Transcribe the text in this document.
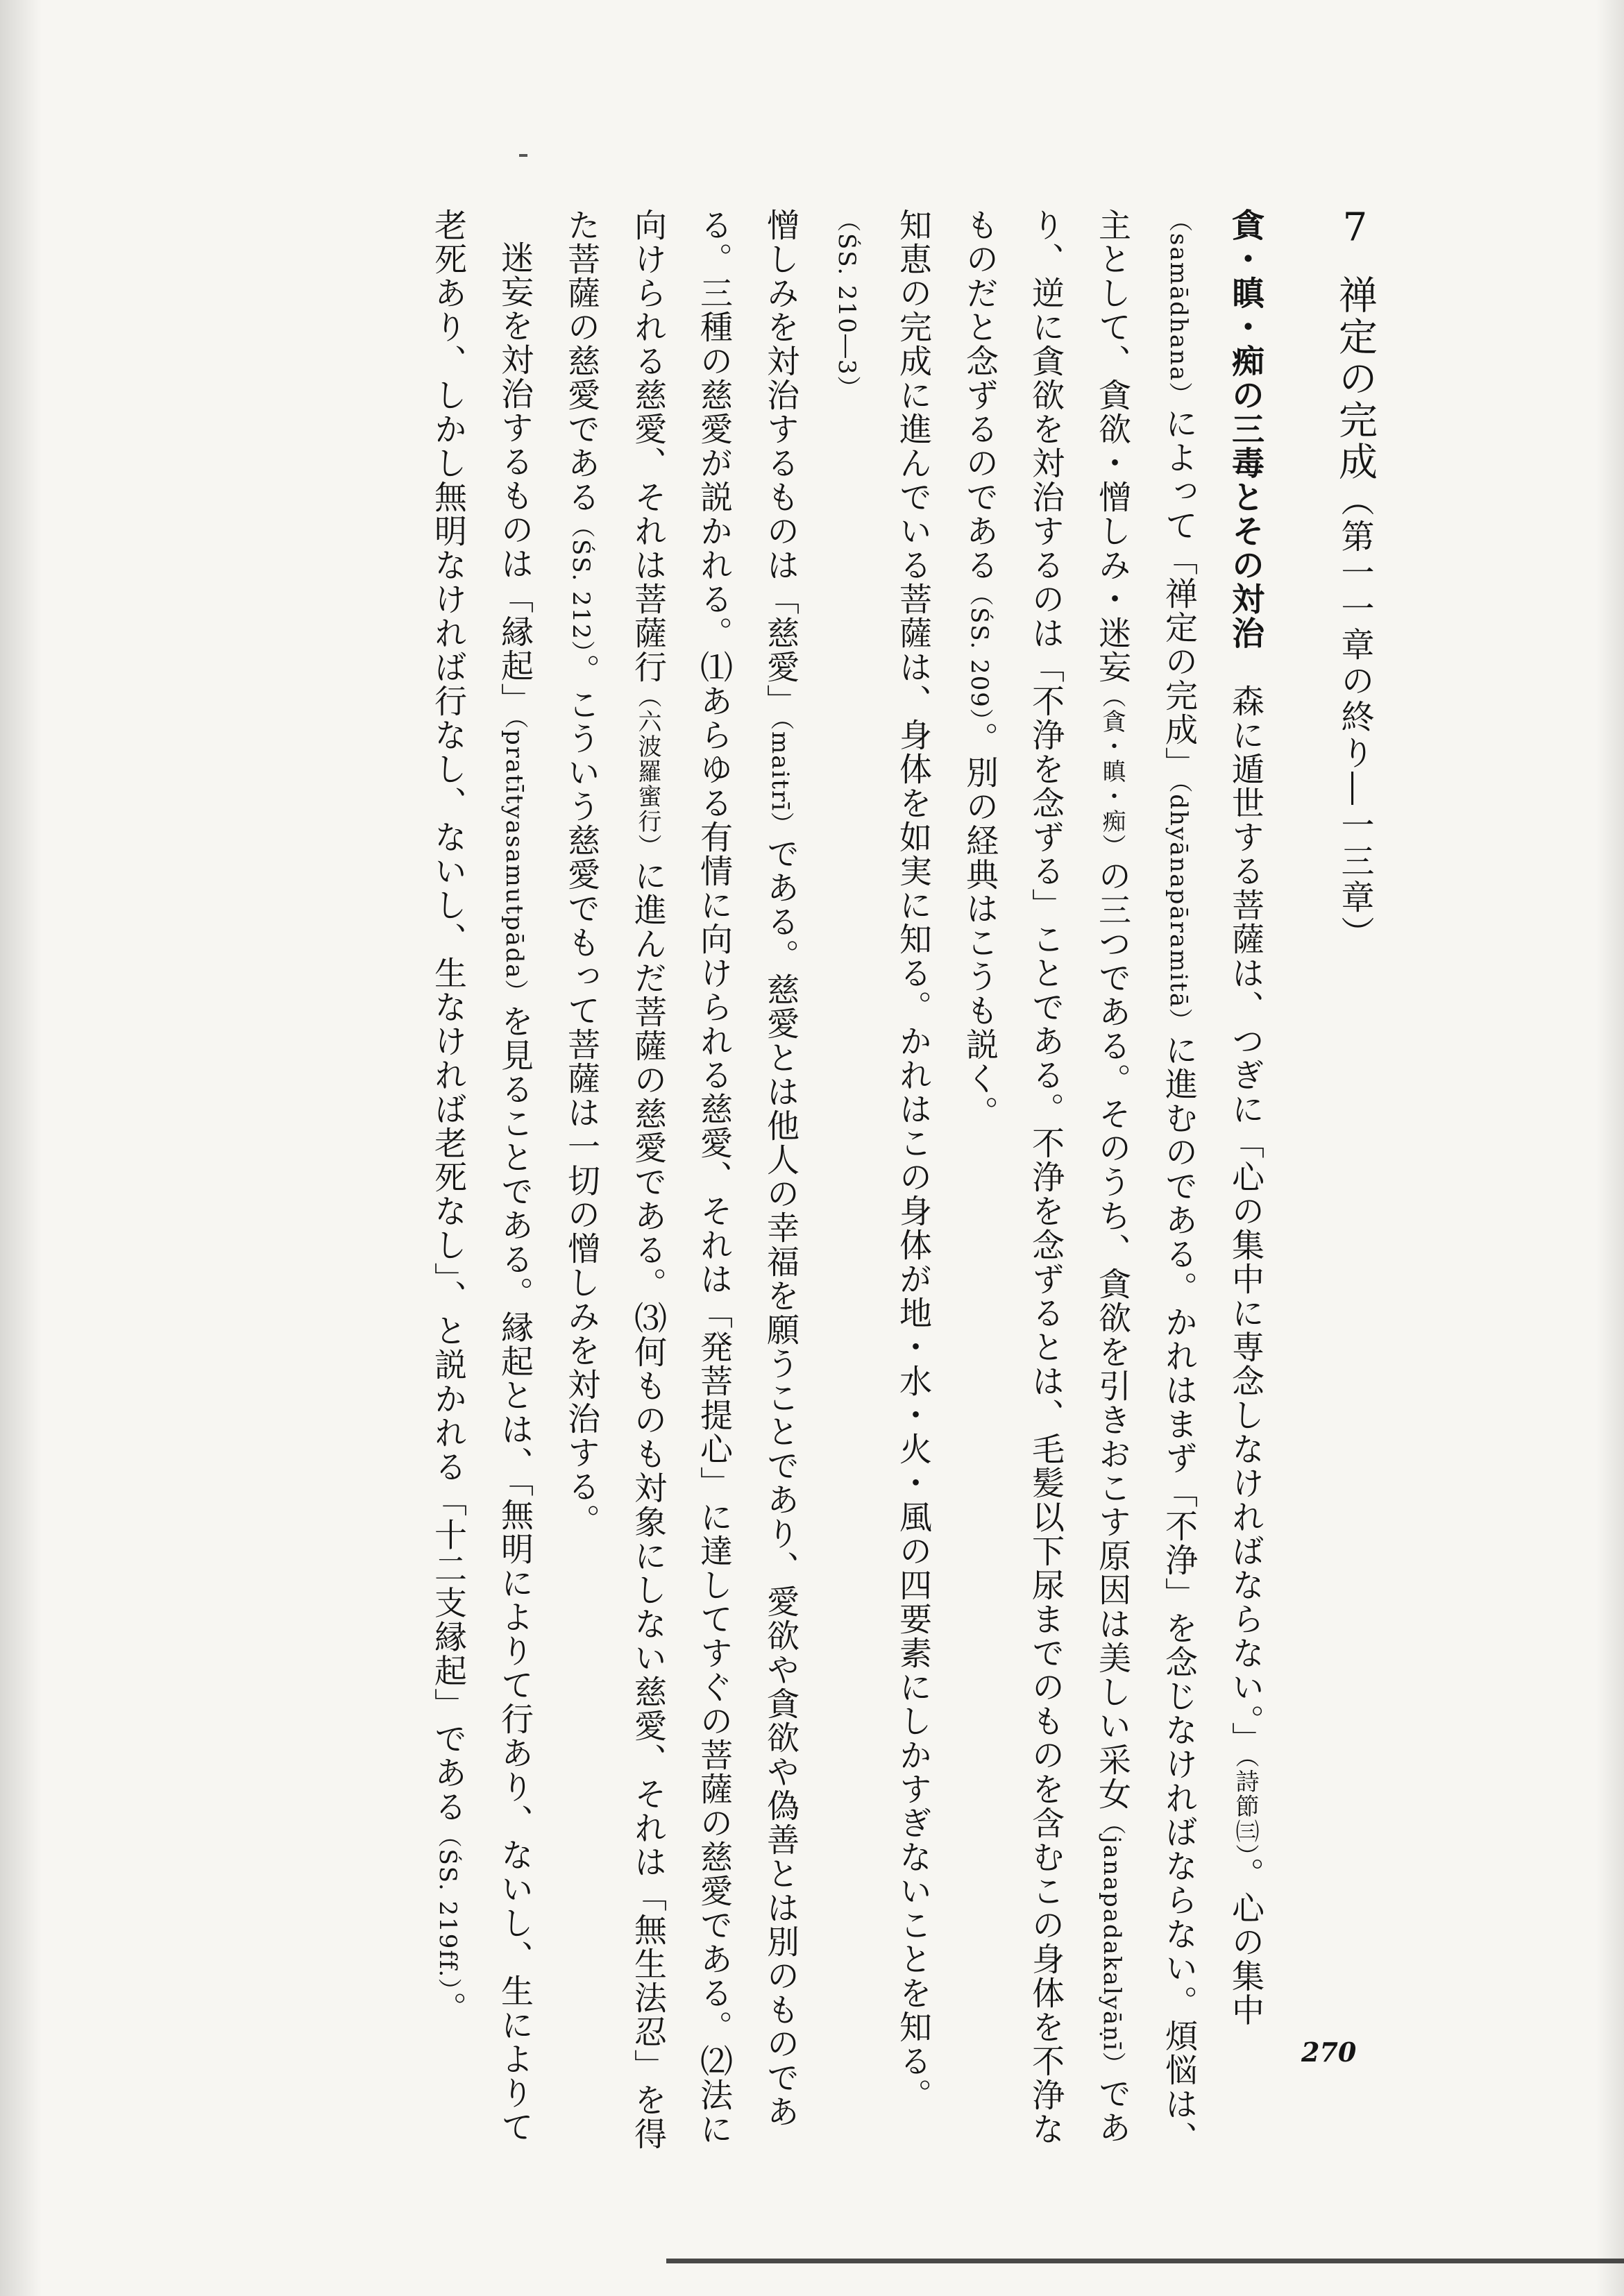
7禅定の完成（第一一章の終り―一三章）

貪・瞋・痴の三毒とその対治　森に遁世する菩薩は、つぎに「心の集中に専念しなければならない。」（詩節㈢）。心の集中（samādhana）によって「禅定の完成」（dhyānapāramitā）に進むのである。かれはまず「不浄」を念じなければならない。煩悩は、主として、貪欲・憎しみ・迷妄（貪・瞋・痴）の三つである。そのうち、貪欲を引きおこす原因は美しい采女（janapadakalyāṇī）であり、逆に貪欲を対治するのは「不浄を念ずる」ことである。不浄を念ずるとは、毛髪以下尿までのものを含むこの身体を不浄なものだと念ずるのである（ŚS. 209）。別の経典はこうも説く。

知恵の完成に進んでいる菩薩は、身体を如実に知る。かれはこの身体が地・水・火・風の四要素にしかすぎないことを知る。（ŚS. 210―3）

憎しみを対治するものは「慈愛」（maitrī）である。慈愛とは他人の幸福を願うことであり、愛欲や貪欲や偽善とは別のものである。三種の慈愛が説かれる。⑴あらゆる有情に向けられる慈愛、それは「発菩提心」に達してすぐの菩薩の慈愛である。⑵法に向けられる慈愛、それは菩薩行（六波羅蜜行）に進んだ菩薩の慈愛である。⑶何ものも対象にしない慈愛、それは「無生法忍」を得た菩薩の慈愛である（ŚS. 212）。こういう慈愛でもって菩薩は一切の憎しみを対治する。

迷妄を対治するものは「縁起」（pratītyasamutpāda）を見ることである。縁起とは、「無明によりて行あり、ないし、生によりて老死あり、しかし無明なければ行なし、ないし、生なければ老死なし」、と説かれる「十二支縁起」である（ŚS. 219ff.）。

270
